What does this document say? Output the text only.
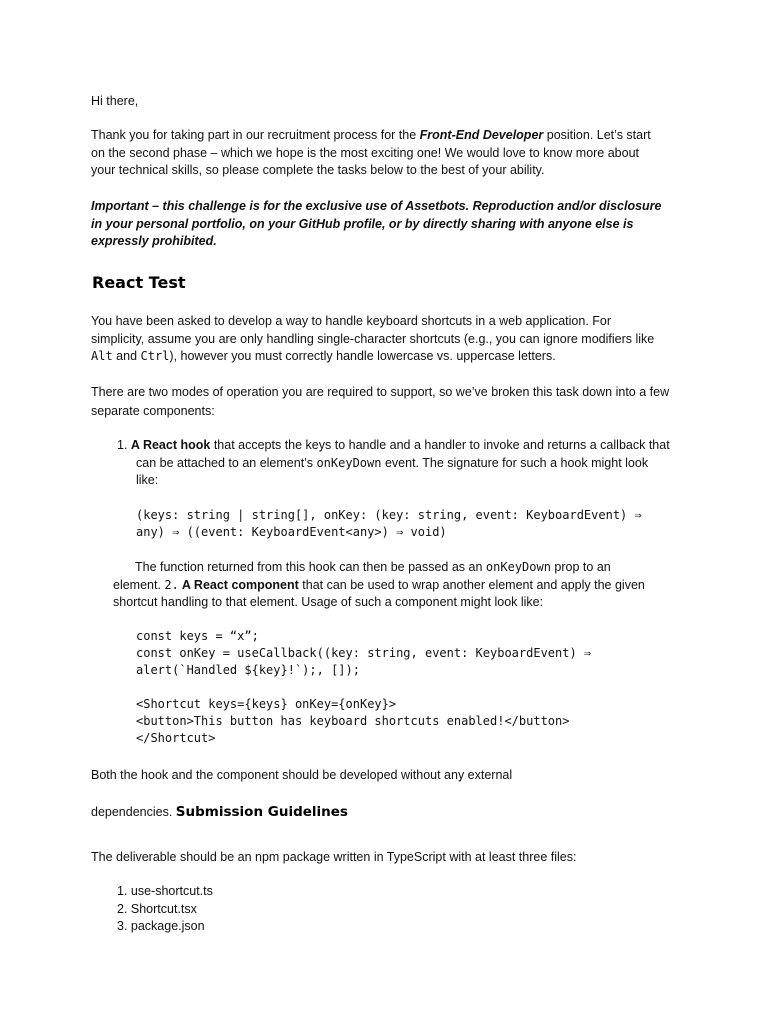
Hi there,
Thank you for taking part in our recruitment process for the Front-End Developer position. Let’s start
on the second phase – which we hope is the most exciting one! We would love to know more about
your technical skills, so please complete the tasks below to the best of your ability.
Important – this challenge is for the exclusive use of Assetbots. Reproduction and/or disclosure
in your personal portfolio, on your GitHub profile, or by directly sharing with anyone else is
expressly prohibited.
React Test
You have been asked to develop a way to handle keyboard shortcuts in a web application. For
simplicity, assume you are only handling single-character shortcuts (e.g., you can ignore modifiers like
Alt and Ctrl), however you must correctly handle lowercase vs. uppercase letters.
There are two modes of operation you are required to support, so we’ve broken this task down into a few
separate components:
1. A React hook that accepts the keys to handle and a handler to invoke and returns a callback that
can be attached to an element’s onKeyDown event. The signature for such a hook might look
like:
(keys: string | string[], onKey: (key: string, event: KeyboardEvent) ⇒
any) ⇒ ((event: KeyboardEvent<any>) ⇒ void)
The function returned from this hook can then be passed as an onKeyDown prop to an
element. 2. A React component that can be used to wrap another element and apply the given
shortcut handling to that element. Usage of such a component might look like:
const keys = “x”;
const onKey = useCallback((key: string, event: KeyboardEvent) ⇒
alert(`Handled ${key}!`);, []);
<Shortcut keys={keys} onKey={onKey}>
<button>This button has keyboard shortcuts enabled!</button>
</Shortcut>
Both the hook and the component should be developed without any external
dependencies. Submission Guidelines
The deliverable should be an npm package written in TypeScript with at least three files:
1. use-shortcut.ts
2. Shortcut.tsx
3. package.json
